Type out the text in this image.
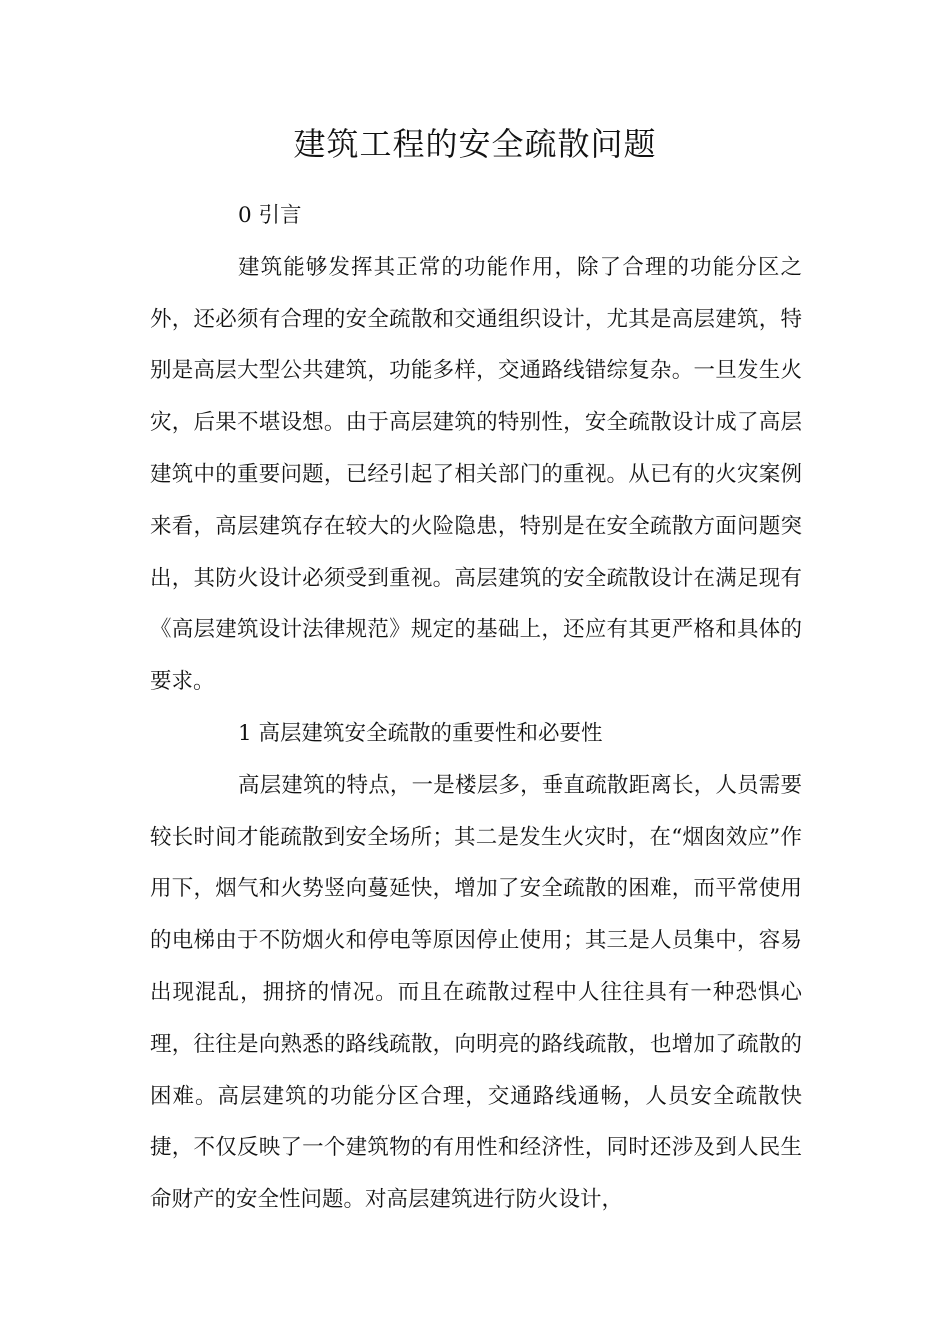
建筑工程的安全疏散问题
0 引言

建筑能够发挥其正常的功能作用，除了合理的功能分区之外，还必须有合理的安全疏散和交通组织设计，尤其是高层建筑，特别是高层大型公共建筑，功能多样，交通路线错综复杂。一旦发生火灾，后果不堪设想。由于高层建筑的特别性，安全疏散设计成了高层建筑中的重要问题，已经引起了相关部门的重视。从已有的火灾案例来看，高层建筑存在较大的火险隐患，特别是在安全疏散方面问题突出，其防火设计必须受到重视。高层建筑的安全疏散设计在满足现有《高层建筑设计法律规范》规定的基础上，还应有其更严格和具体的要求。

1 高层建筑安全疏散的重要性和必要性

高层建筑的特点，一是楼层多，垂直疏散距离长，人员需要较长时间才能疏散到安全场所；其二是发生火灾时，在“烟囱效应”作用下，烟气和火势竖向蔓延快，增加了安全疏散的困难，而平常使用的电梯由于不防烟火和停电等原因停止使用；其三是人员集中，容易出现混乱，拥挤的情况。而且在疏散过程中人往往具有一种恐惧心理，往往是向熟悉的路线疏散，向明亮的路线疏散，也增加了疏散的困难。高层建筑的功能分区合理，交通路线通畅，人员安全疏散快捷，不仅反映了一个建筑物的有用性和经济性，同时还涉及到人民生命财产的安全性问题。对高层建筑进行防火设计，
